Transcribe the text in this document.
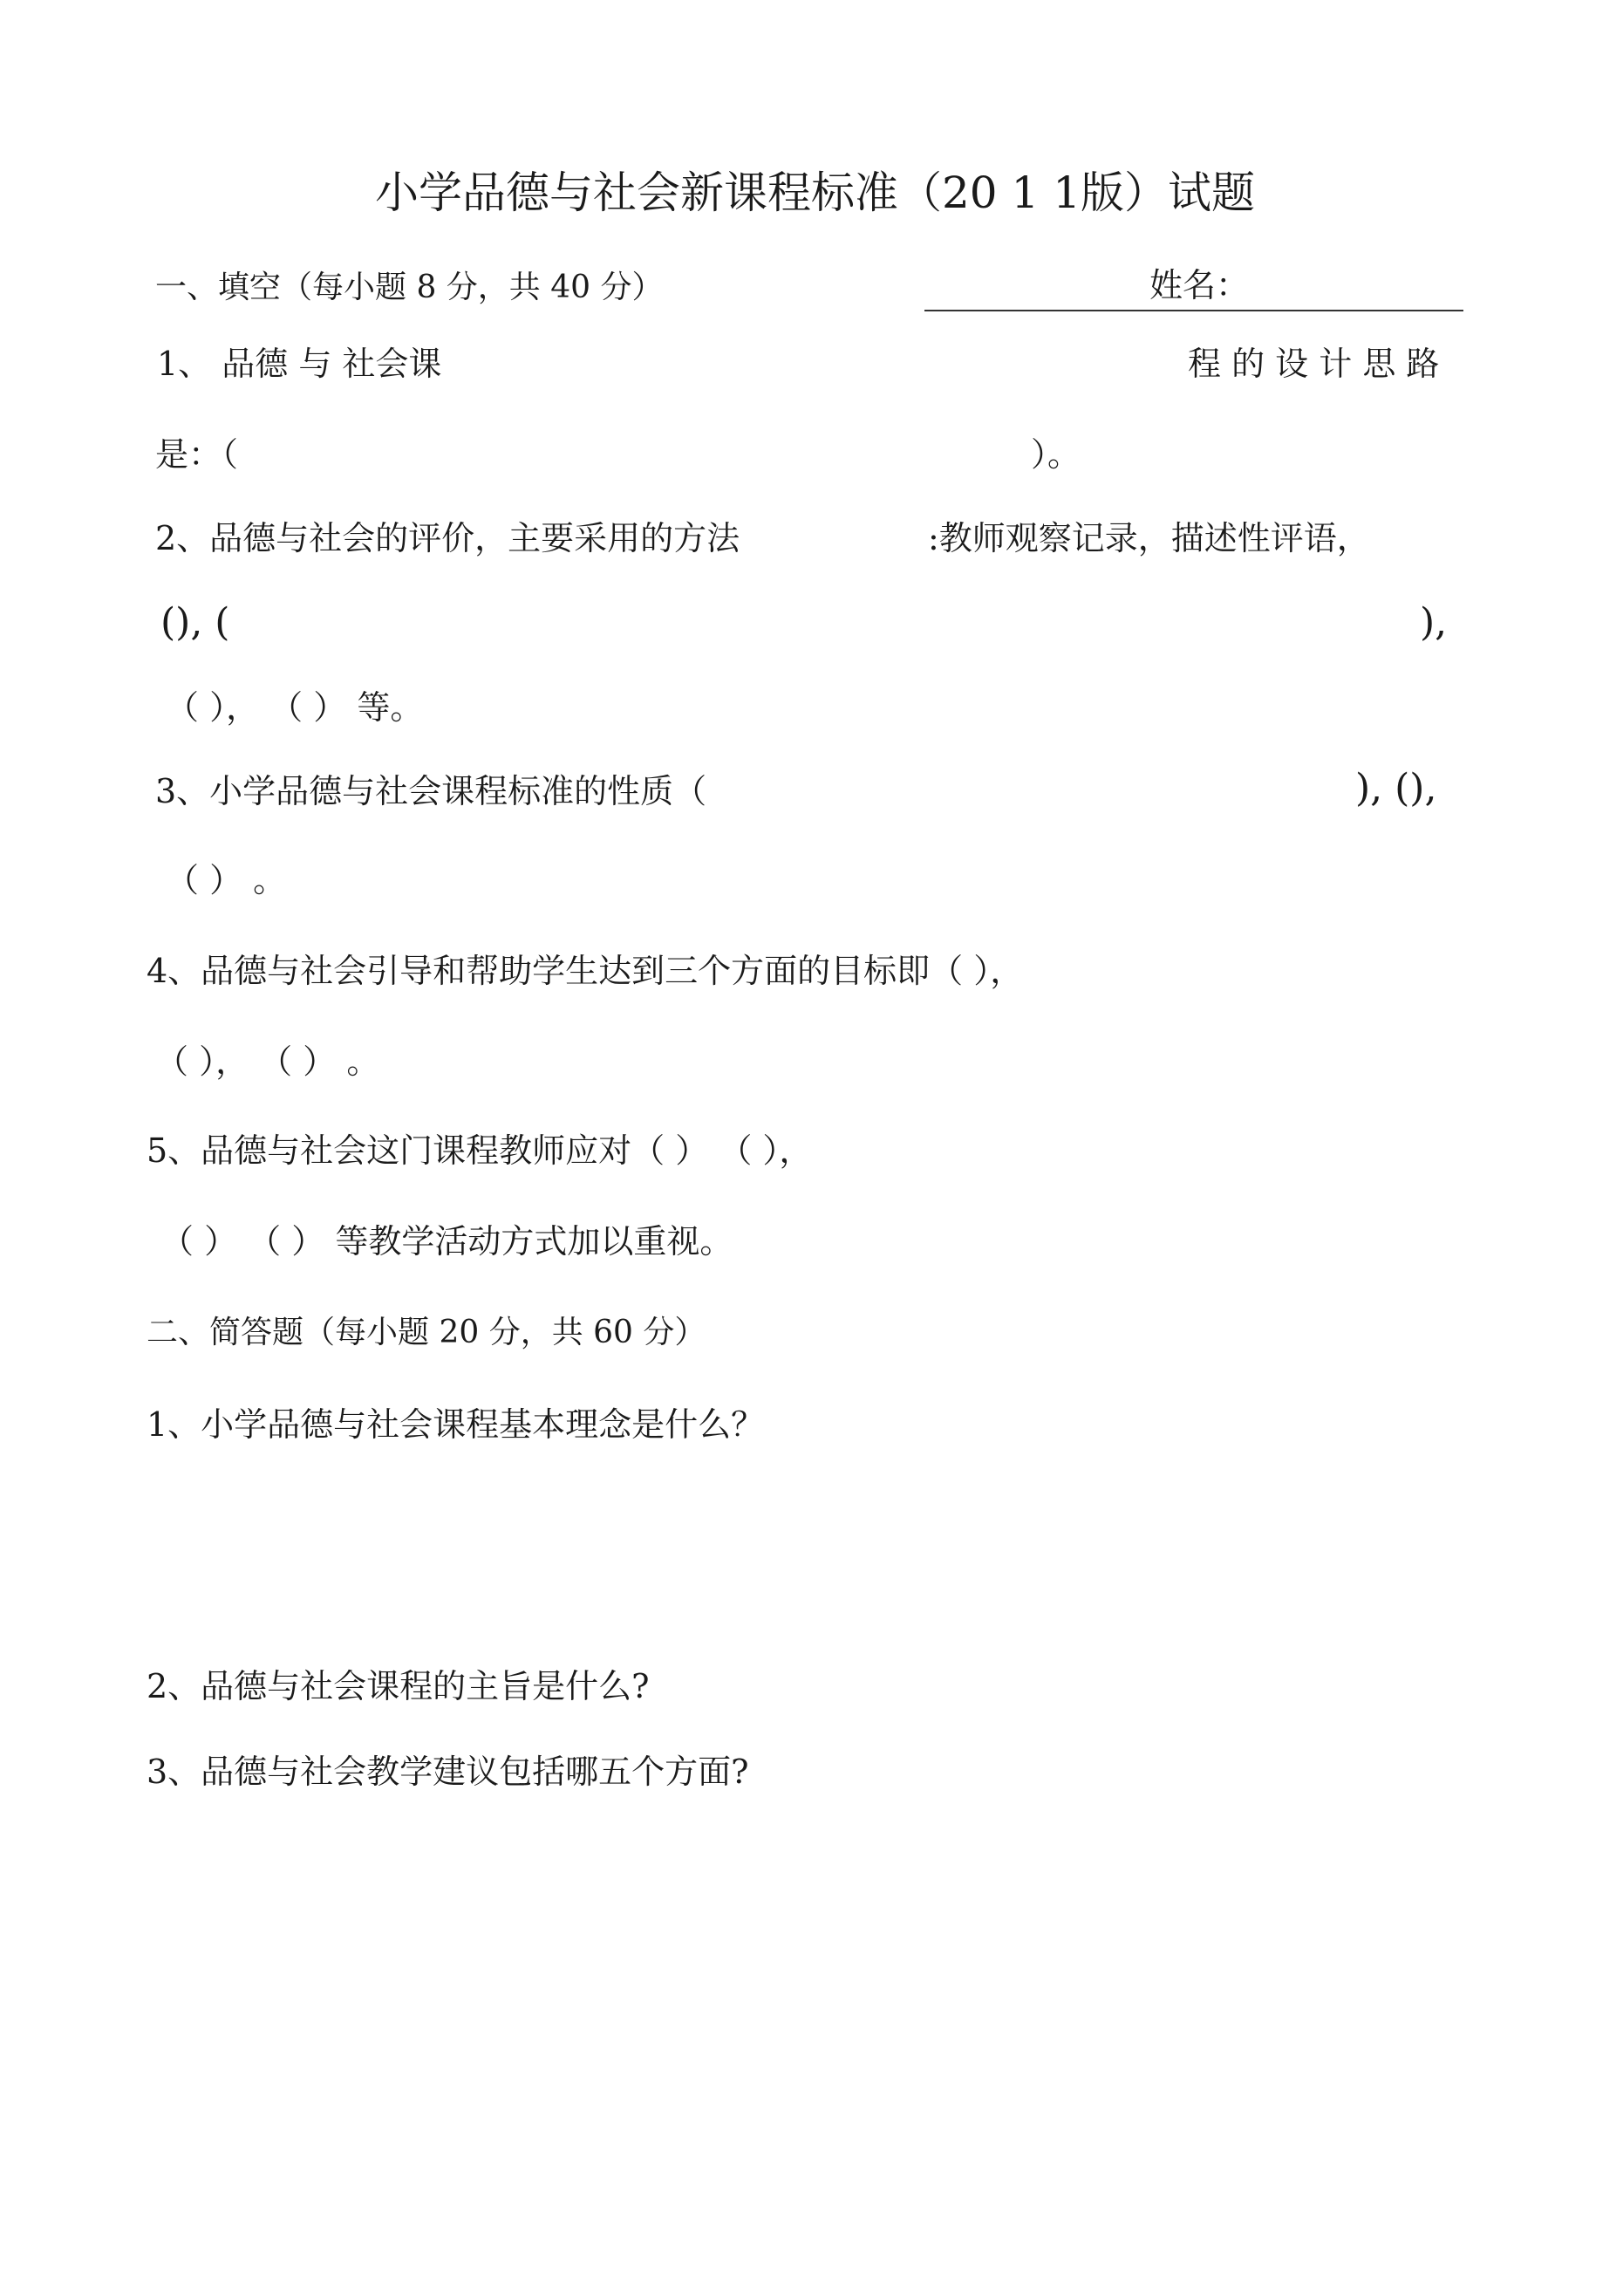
小学品德与社会新课程标准（20 1 1版）试题
一、填空（每小题 8 分，共 40 分）	姓名：
1、 品德 与 社会课	程 的 设 计 思 路
是：（	）。
2、品德与社会的评价，主要采用的方法	:教师观察记录，描述性评语，
(), (	),
（ ）， （ ） 等。
3、小学品德与社会课程标准的性质（	), (),
（ ） 。
4、品德与社会引导和帮助学生达到三个方面的目标即（ ），
（ ）， （ ） 。
5、品德与社会这门课程教师应对（ ） （ ），
（ ） （ ） 等教学活动方式加以重视。
二、简答题（每小题 20 分，共 60 分）
1、小学品德与社会课程基本理念是什么？
2、品德与社会课程的主旨是什么?
3、品德与社会教学建议包括哪五个方面?
